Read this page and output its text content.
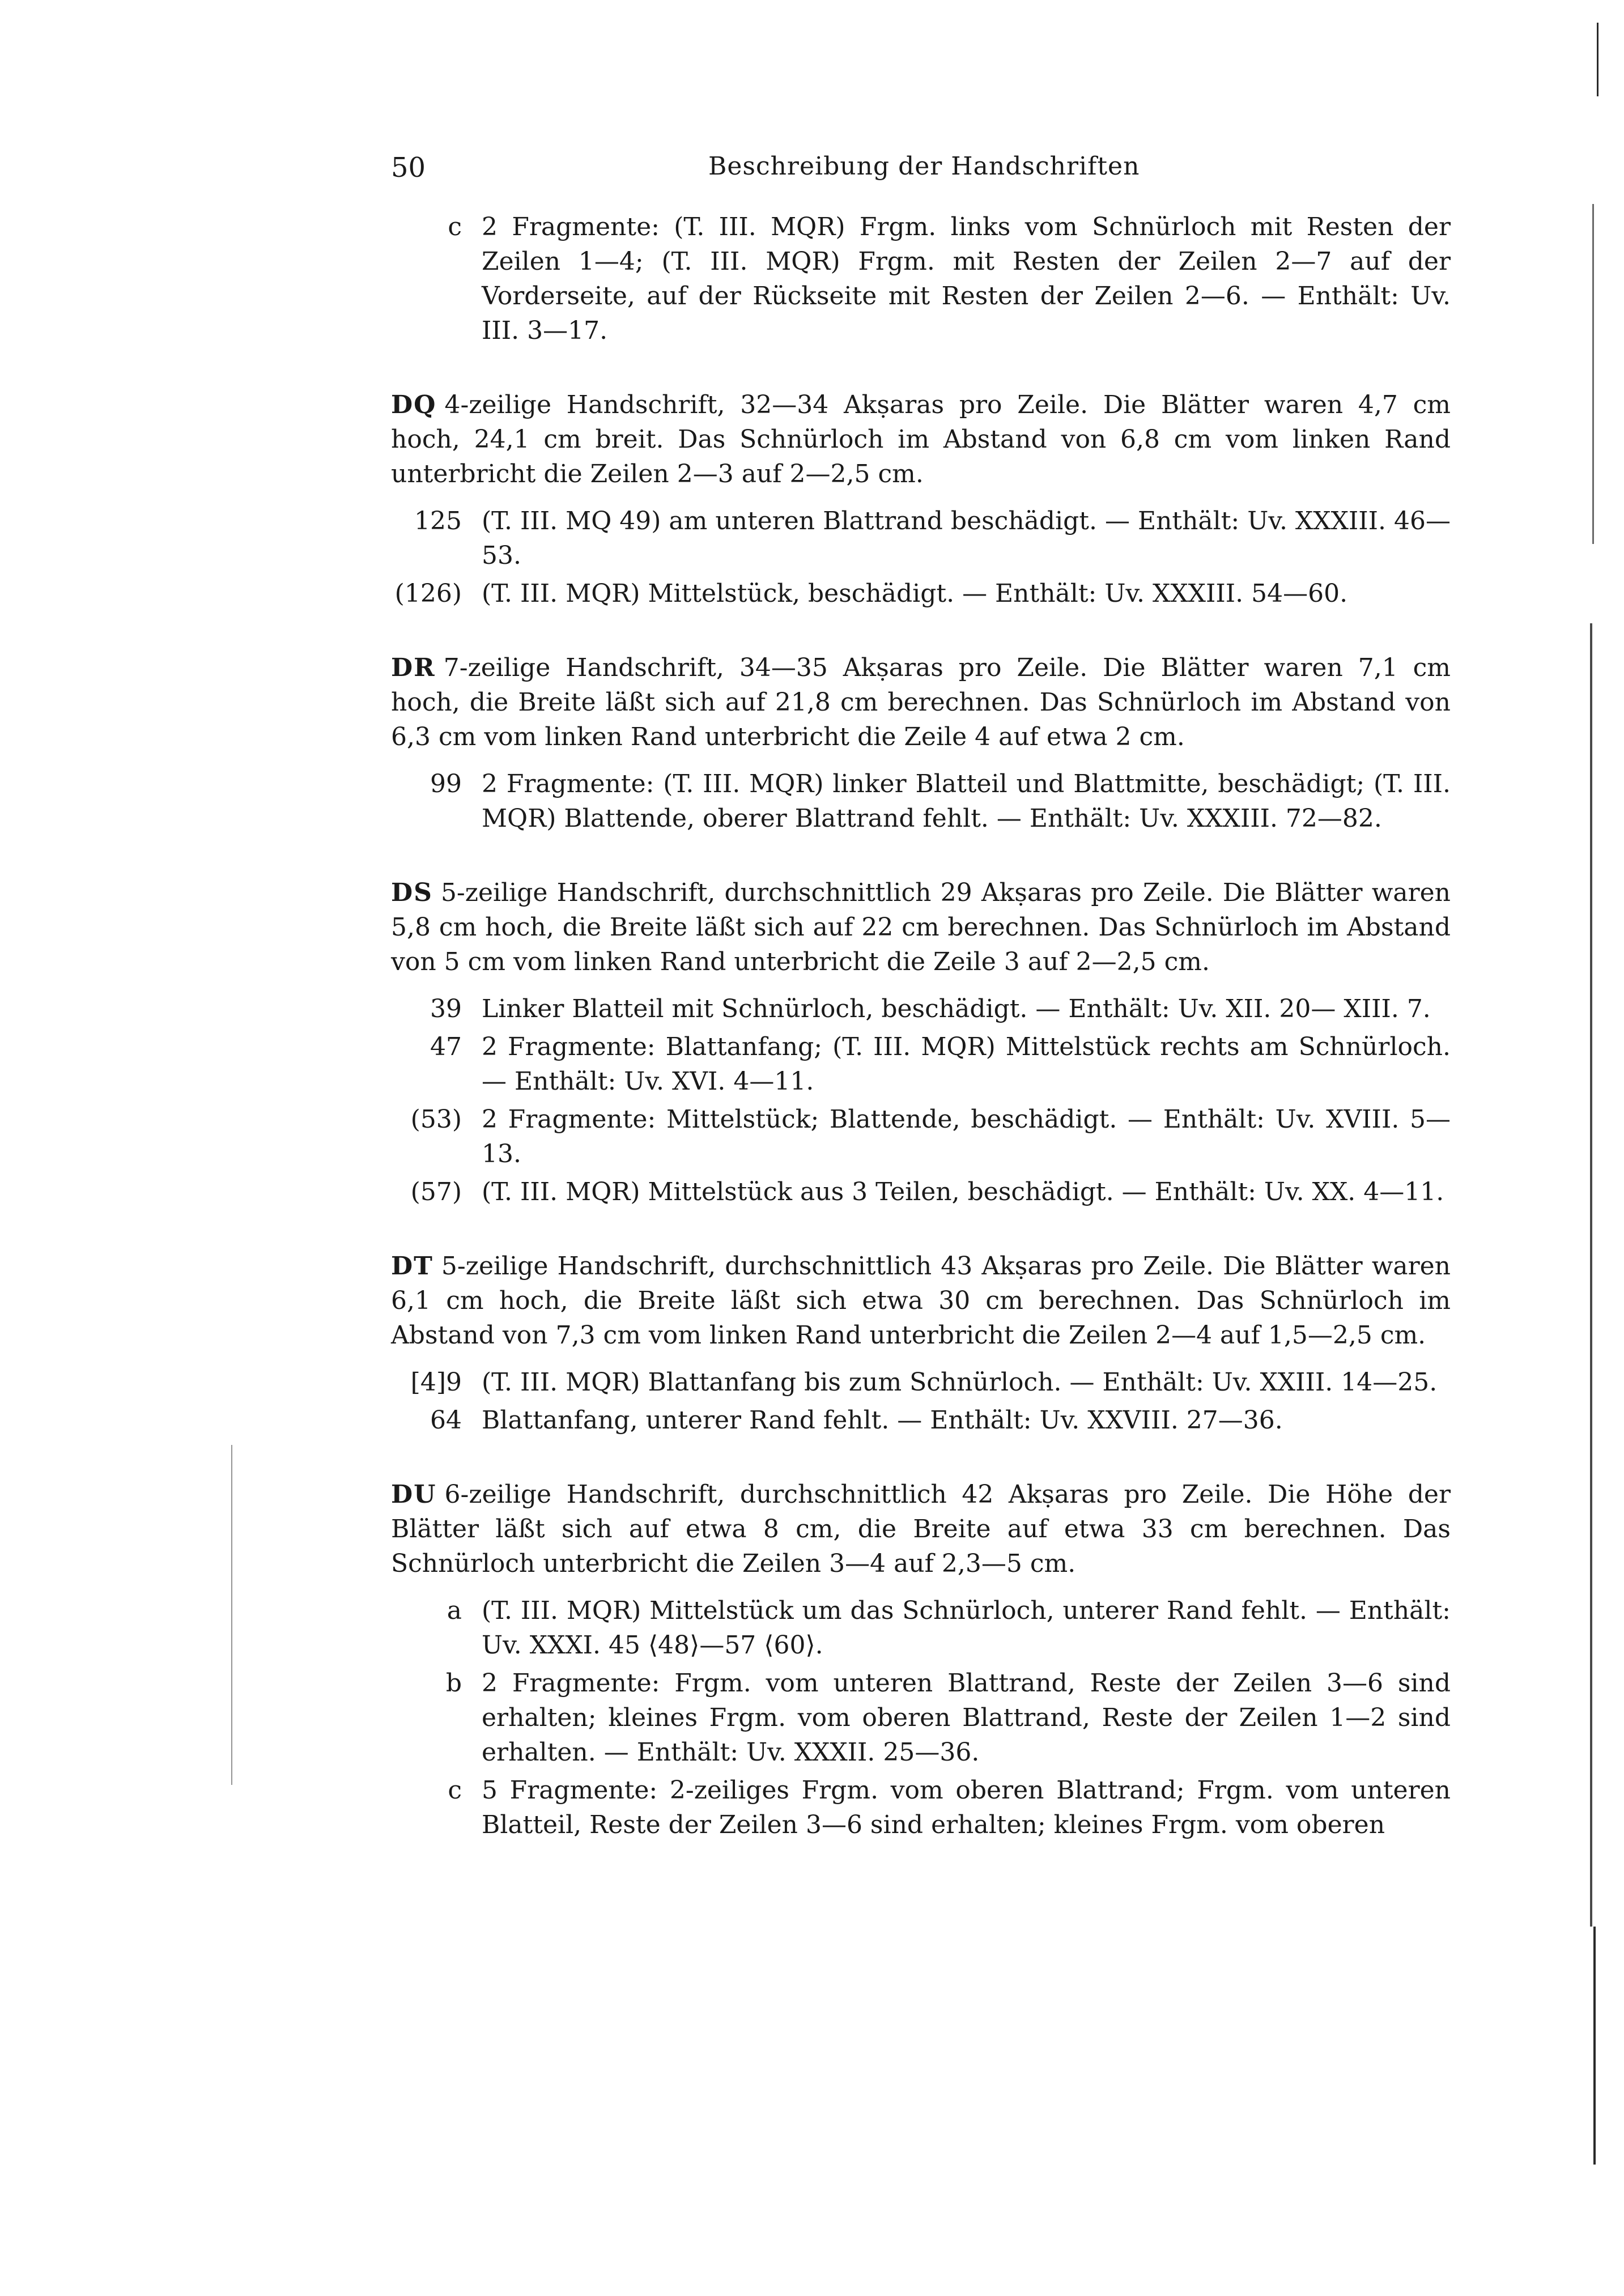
50	Beschreibung der Handschriften
c 2 Fragmente: (T. III. MQR) Frgm. links vom Schnürloch mit Resten der Zeilen 1—4; (T. III. MQR) Frgm. mit Resten der Zeilen 2—7 auf der Vorderseite, auf der Rückseite mit Resten der Zeilen 2—6. — Enthält: Uv. III. 3—17.

DQ 4-zeilige Handschrift, 32—34 Akṣaras pro Zeile. Die Blätter waren 4,7 cm hoch, 24,1 cm breit. Das Schnürloch im Abstand von 6,8 cm vom linken Rand unterbricht die Zeilen 2—3 auf 2—2,5 cm.

125 (T. III. MQ 49) am unteren Blattrand beschädigt. — Enthält: Uv. XXXIII. 46—53.

(126) (T. III. MQR) Mittelstück, beschädigt. — Enthält: Uv. XXXIII. 54—60.

DR 7-zeilige Handschrift, 34—35 Akṣaras pro Zeile. Die Blätter waren 7,1 cm hoch, die Breite läßt sich auf 21,8 cm berechnen. Das Schnürloch im Abstand von 6,3 cm vom linken Rand unterbricht die Zeile 4 auf etwa 2 cm.

99 2 Fragmente: (T. III. MQR) linker Blatteil und Blattmitte, beschädigt; (T. III. MQR) Blattende, oberer Blattrand fehlt. — Enthält: Uv. XXXIII. 72—82.

DS 5-zeilige Handschrift, durchschnittlich 29 Akṣaras pro Zeile. Die Blätter waren 5,8 cm hoch, die Breite läßt sich auf 22 cm berechnen. Das Schnürloch im Abstand von 5 cm vom linken Rand unterbricht die Zeile 3 auf 2—2,5 cm.

39 Linker Blatteil mit Schnürloch, beschädigt. — Enthält: Uv. XII. 20— XIII. 7.

47 2 Fragmente: Blattanfang; (T. III. MQR) Mittelstück rechts am Schnürloch. — Enthält: Uv. XVI. 4—11.

(53) 2 Fragmente: Mittelstück; Blattende, beschädigt. — Enthält: Uv. XVIII. 5—13.

(57) (T. III. MQR) Mittelstück aus 3 Teilen, beschädigt. — Enthält: Uv. XX. 4—11.

DT 5-zeilige Handschrift, durchschnittlich 43 Akṣaras pro Zeile. Die Blätter waren 6,1 cm hoch, die Breite läßt sich etwa 30 cm berechnen. Das Schnürloch im Abstand von 7,3 cm vom linken Rand unterbricht die Zeilen 2—4 auf 1,5—2,5 cm.

[4]9 (T. III. MQR) Blattanfang bis zum Schnürloch. — Enthält: Uv. XXIII. 14—25.

64 Blattanfang, unterer Rand fehlt. — Enthält: Uv. XXVIII. 27—36.

DU 6-zeilige Handschrift, durchschnittlich 42 Akṣaras pro Zeile. Die Höhe der Blätter läßt sich auf etwa 8 cm, die Breite auf etwa 33 cm berechnen. Das Schnürloch unterbricht die Zeilen 3—4 auf 2,3—5 cm.

a (T. III. MQR) Mittelstück um das Schnürloch, unterer Rand fehlt. — Enthält: Uv. XXXI. 45 ⟨48⟩—57 ⟨60⟩.

b 2 Fragmente: Frgm. vom unteren Blattrand, Reste der Zeilen 3—6 sind erhalten; kleines Frgm. vom oberen Blattrand, Reste der Zeilen 1—2 sind erhalten. — Enthält: Uv. XXXII. 25—36.

c 5 Fragmente: 2-zeiliges Frgm. vom oberen Blattrand; Frgm. vom unteren Blatteil, Reste der Zeilen 3—6 sind erhalten; kleines Frgm. vom oberen
